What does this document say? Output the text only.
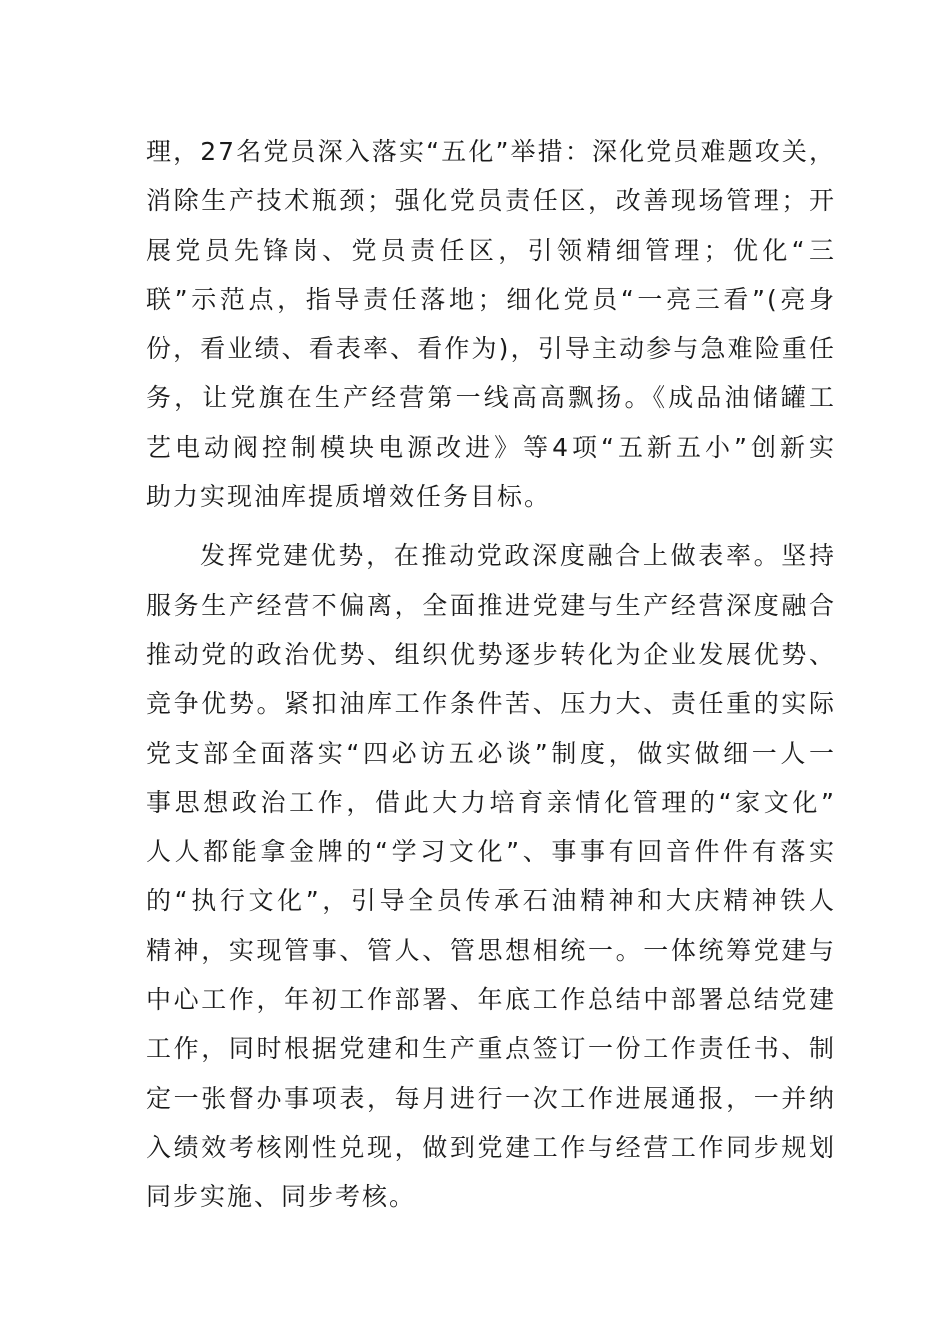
理，27名党员深入落实“五化”举措：深化党员难题攻关，
消除生产技术瓶颈；强化党员责任区，改善现场管理；开
展党员先锋岗、党员责任区，引领精细管理；优化“三
联”示范点，指导责任落地；细化党员“一亮三看”(亮身
份，看业绩、看表率、看作为)，引导主动参与急难险重任
务，让党旗在生产经营第一线高高飘扬。《成品油储罐工
艺电动阀控制模块电源改进》等4项“五新五小”创新实
助力实现油库提质增效任务目标。
发挥党建优势，在推动党政深度融合上做表率。坚持
服务生产经营不偏离，全面推进党建与生产经营深度融合
推动党的政治优势、组织优势逐步转化为企业发展优势、
竞争优势。紧扣油库工作条件苦、压力大、责任重的实际
党支部全面落实“四必访五必谈”制度，做实做细一人一
事思想政治工作，借此大力培育亲情化管理的“家文化”
人人都能拿金牌的“学习文化”、事事有回音件件有落实
的“执行文化”，引导全员传承石油精神和大庆精神铁人
精神，实现管事、管人、管思想相统一。一体统筹党建与
中心工作，年初工作部署、年底工作总结中部署总结党建
工作，同时根据党建和生产重点签订一份工作责任书、制
定一张督办事项表，每月进行一次工作进展通报，一并纳
入绩效考核刚性兑现，做到党建工作与经营工作同步规划
同步实施、同步考核。
